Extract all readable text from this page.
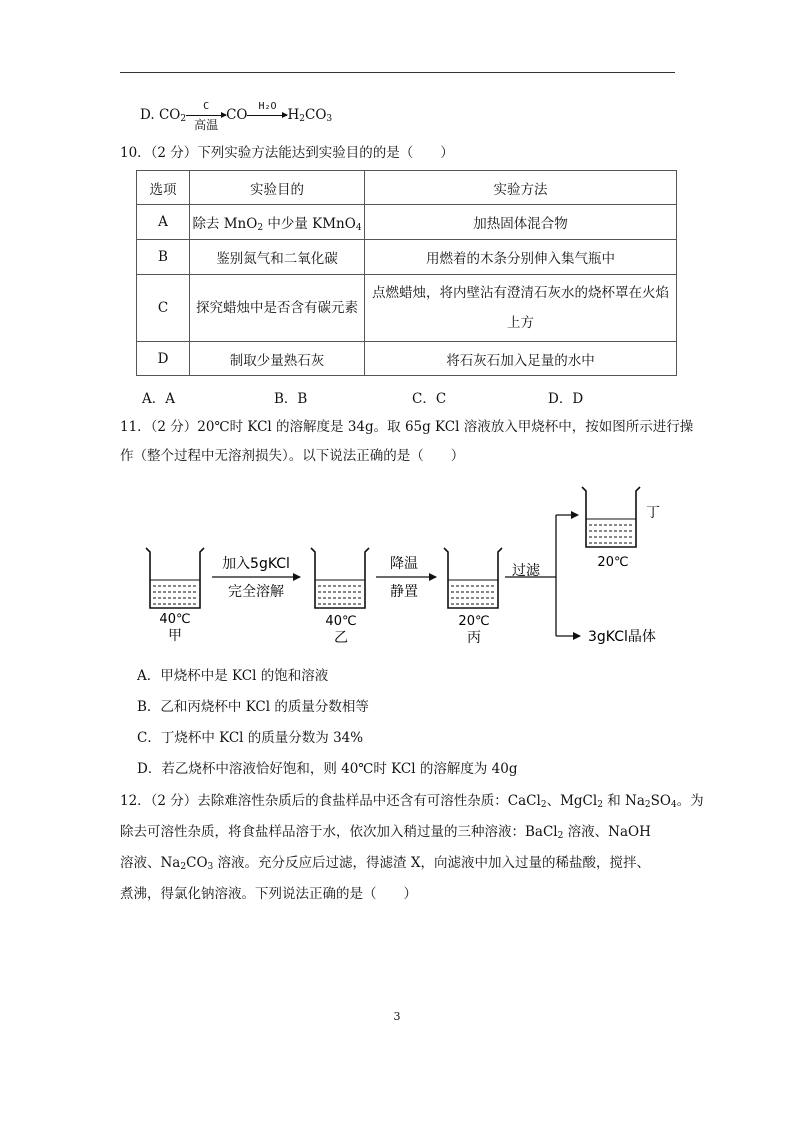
D. $CO_2$
C
高温
CO
H₂O
$H_2CO_3$
10．（2 分）下列实验方法能达到实验目的的是（　　）
选项	实验目的	实验方法
A	除去 MnO$_2$ 中少量 KMnO$_4$	加热固体混合物
B	鉴别氮气和二氧化碳	用燃着的木条分别伸入集气瓶中
C	探究蜡烛中是否含有碳元素	点燃蜡烛，将内壁沾有澄清石灰水的烧杯罩在火焰
上方

D	制取少量熟石灰	将石灰石加入足量的水中
A．A	B．B	C．C	D．D
11．（2 分）20℃时 KCl 的溶解度是 34g。取 65g KCl 溶液放入甲烧杯中，按如图所示进行操
作（整个过程中无溶剂损失）。以下说法正确的是（　　）
40℃
甲
加入5gKCl
完全溶解
40℃
乙
降温
静置
20℃
丙
过滤
20℃
丁
3gKCl晶体
A．甲烧杯中是 KCl 的饱和溶液
B．乙和丙烧杯中 KCl 的质量分数相等
C．丁烧杯中 KCl 的质量分数为 34%
D．若乙烧杯中溶液恰好饱和，则 40℃时 KCl 的溶解度为 40g
12．（2 分）去除难溶性杂质后的食盐样品中还含有可溶性杂质：CaCl$_2$、MgCl$_2$ 和 $Na_2SO_4$。为
除去可溶性杂质，将食盐样品溶于水，依次加入稍过量的三种溶液：BaCl$_2$ 溶液、NaOH
溶液、$Na_2CO_3$ 溶液。充分反应后过滤，得滤渣 X，向滤液中加入过量的稀盐酸，搅拌、
煮沸，得氯化钠溶液。下列说法正确的是（　　）
3
